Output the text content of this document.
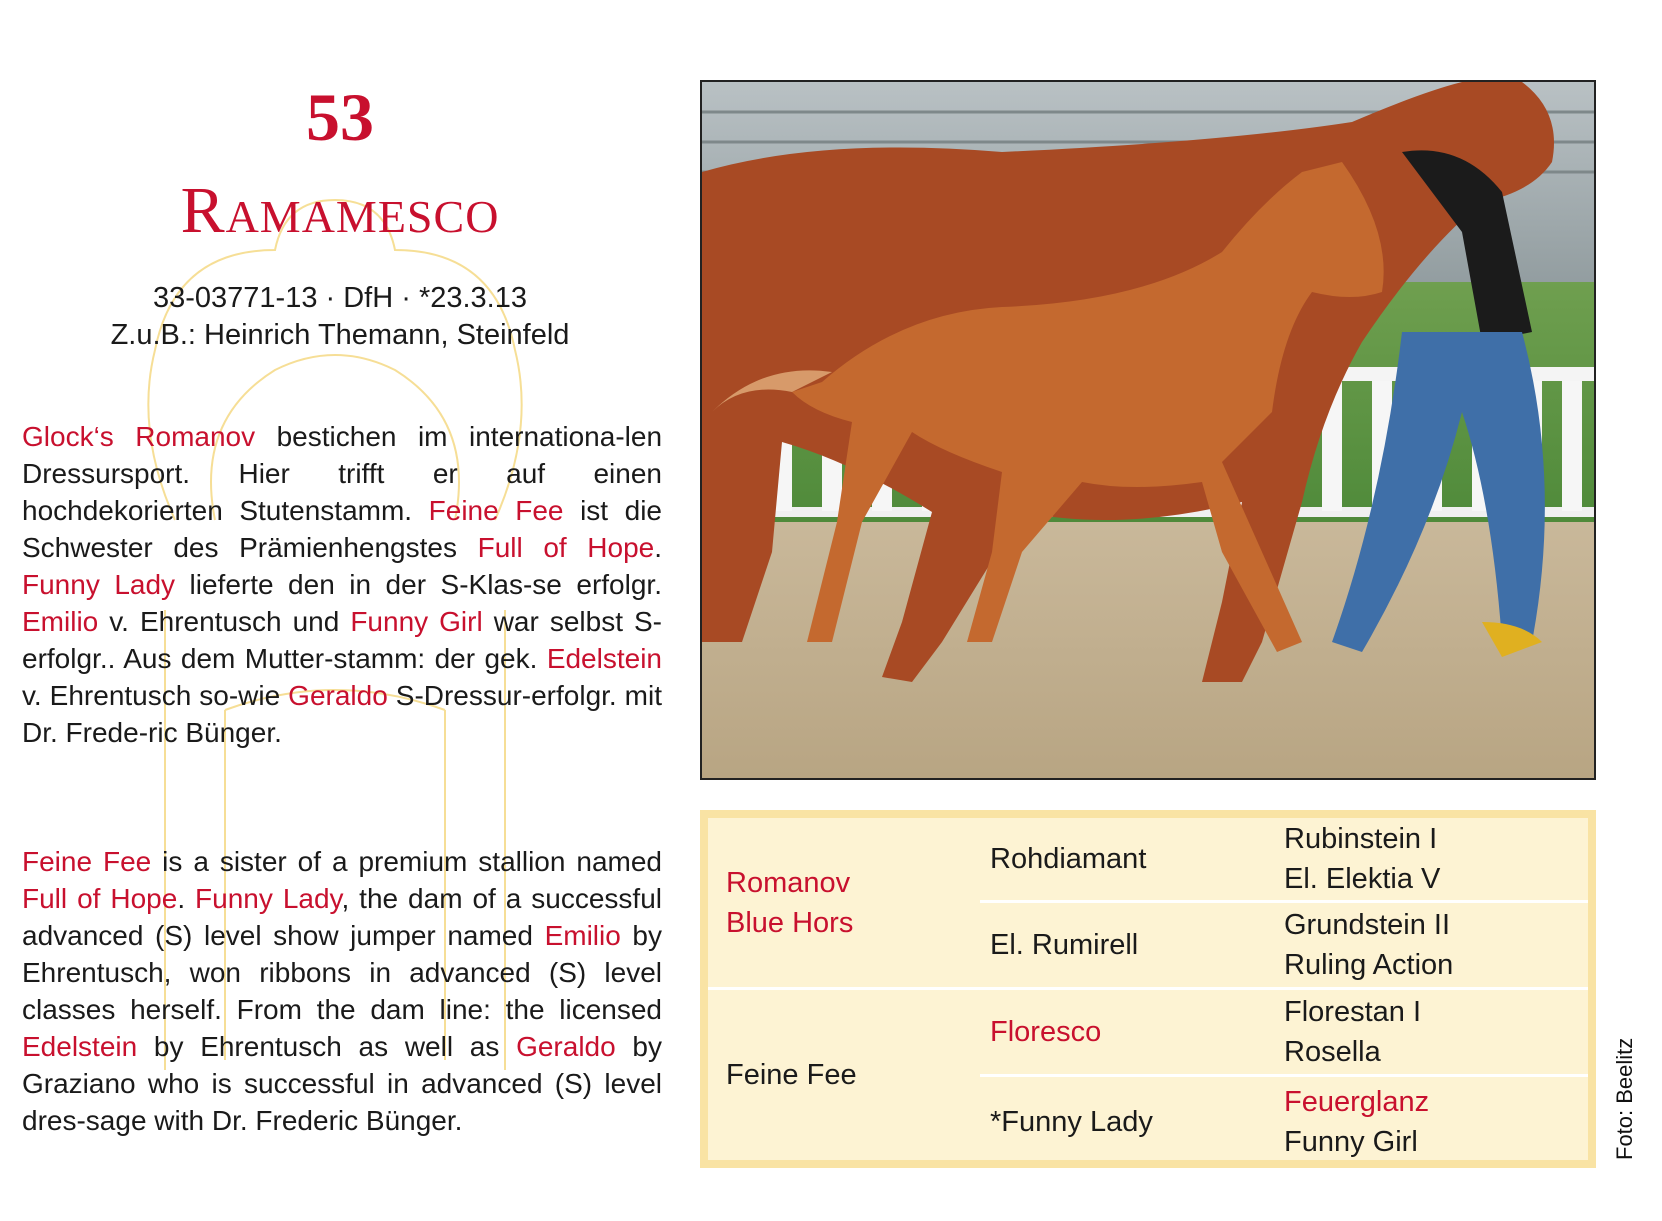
53
Ramamesco
33-03771-13 · DfH · *23.3.13
Z.u.B.: Heinrich Themann, Steinfeld
Glock‘s Romanov bestichen im internationa-len Dressursport. Hier trifft er auf einen hochdekorierten Stutenstamm. Feine Fee ist die Schwester des Prämienhengstes Full of Hope. Funny Lady lieferte den in der S-Klas-se erfolgr. Emilio v. Ehrentusch und Funny Girl war selbst S-erfolgr.. Aus dem Mutter-stamm: der gek. Edelstein v. Ehrentusch so-wie Geraldo S-Dressur-erfolgr. mit Dr. Frede-ric Bünger.
Feine Fee is a sister of a premium stallion named Full of Hope. Funny Lady, the dam of a successful advanced (S) level show jumper named Emilio by Ehrentusch, won ribbons in advanced (S) level classes herself. From the dam line: the licensed Edelstein by Ehrentusch as well as Geraldo by Graziano who is successful in advanced (S) level dres-sage with Dr. Frederic Bünger.
Romanov
Blue Hors
Feine Fee
Rohdiamant
El. Rumirell
Floresco
*Funny Lady
Rubinstein I
El. Elektia V
Grundstein II
Ruling Action
Florestan I
Rosella
Feuerglanz
Funny Girl	Foto: Beelitz
